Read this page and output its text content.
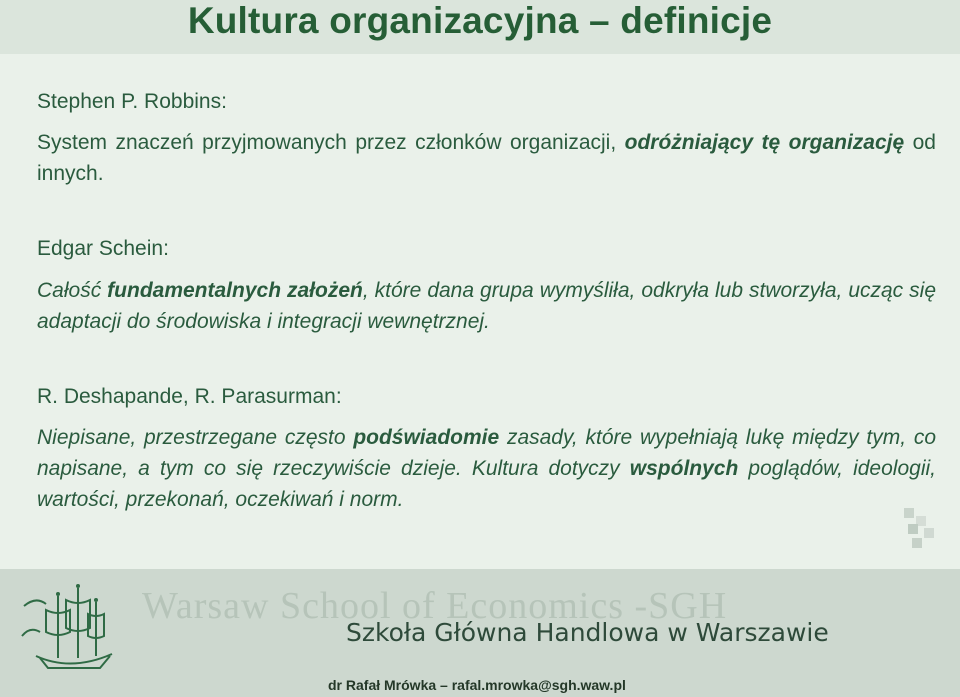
Kultura organizacyjna – definicje
Stephen P. Robbins:
System znaczeń przyjmowanych przez członków organizacji, odróżniający tę organizację od innych.
Edgar Schein:
Całość fundamentalnych założeń, które dana grupa wymyśliła, odkryła lub stworzyła, ucząc się adaptacji do środowiska i integracji wewnętrznej.
R. Deshapande, R. Parasurman:
Niepisane, przestrzegane często podświadomie zasady, które wypełniają lukę między tym, co napisane, a tym co się rzeczywiście dzieje. Kultura dotyczy wspólnych poglądów, ideologii, wartości, przekonań, oczekiwań i norm.
Warsaw School of Economics -SGH
Szkoła Główna Handlowa w Warszawie
dr Rafał Mrówka – rafal.mrowka@sgh.waw.pl
